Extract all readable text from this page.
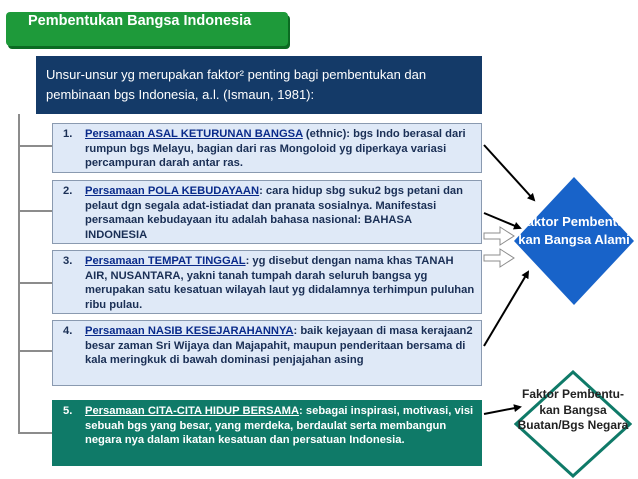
Pembentukan Bangsa Indonesia
Unsur-unsur yg merupakan faktor² penting bagi pembentukan dan pembinaan bgs Indonesia, a.l. (Ismaun, 1981):
1.	Persamaan ASAL KETURUNAN BANGSA (ethnic): bgs Indo berasal dari rumpun bgs Melayu, bagian dari ras Mongoloid yg diperkaya variasi percampuran darah antar ras.
2.	Persamaan POLA KEBUDAYAAN: cara hidup sbg suku2 bgs petani dan pelaut dgn segala adat-istiadat dan pranata sosialnya. Manifestasi persamaan kebudayaan itu adalah bahasa nasional: BAHASA INDONESIA
3.	Persamaan TEMPAT TINGGAL: yg disebut dengan nama khas TANAH AIR, NUSANTARA, yakni tanah tumpah darah seluruh bangsa yg merupakan satu kesatuan wilayah laut yg didalamnya terhimpun puluhan ribu pulau.
4.	Persamaan NASIB KESEJARAHANNYA: baik kejayaan di masa kerajaan2 besar zaman Sri Wijaya dan Majapahit, maupun penderitaan bersama di kala meringkuk di bawah dominasi penjajahan asing
5.	Persamaan CITA-CITA HIDUP BERSAMA: sebagai inspirasi, motivasi, visi sebuah bgs yang besar, yang merdeka, berdaulat serta membangun negara nya dalam ikatan kesatuan dan persatuan Indonesia.
Faktor Pembentu-kan Bangsa Alami
Faktor Pembentu-kan Bangsa Buatan/Bgs Negara
